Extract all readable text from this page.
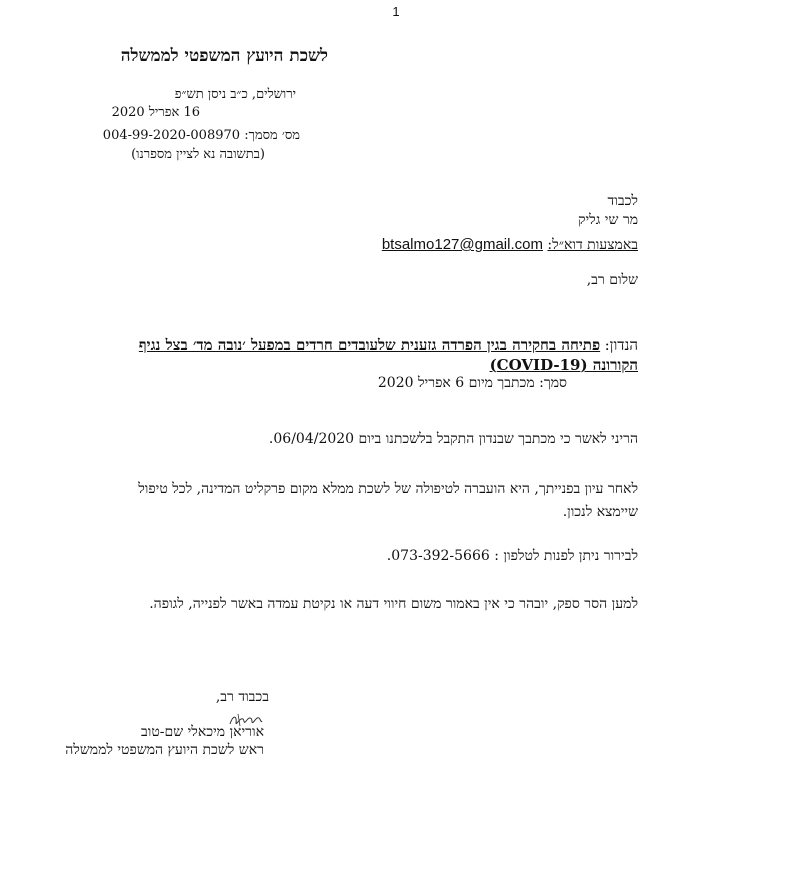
1
לשכת היועץ המשפטי לממשלה
ירושלים, כ״ב ניסן תש״פ
16 אפריל 2020
מס׳ מסמך: 004-99-2020-008970
(בתשובה נא לציין מספרנו)
לכבוד
מר שי גליק
באמצעות דוא״ל: btsalmo127@gmail.com
שלום רב,
הנדון: פתיחה בחקירה בגין הפרדה גזענית שלעובדים חרדים במפעל ׳נובה מד׳ בצל נגיף הקורונה (COVID-19)
סמך: מכתבך מיום 6 אפריל 2020
הריני לאשר כי מכתבך שבנדון התקבל בלשכתנו ביום 06/04/2020.
לאחר עיון בפנייתך, היא הועברה לטיפולה של לשכת ממלא מקום פרקליט המדינה, לכל טיפול שיימצא לנכון.
לבירור ניתן לפנות לטלפון : 073-392-5666.
למען הסר ספק, יובהר כי אין באמור משום חיווי דעה או נקיטת עמדה באשר לפנייה, לגופה.
בכבוד רב,
אוריאן מיכאלי שם-טוב
ראש לשכת היועץ המשפטי לממשלה
